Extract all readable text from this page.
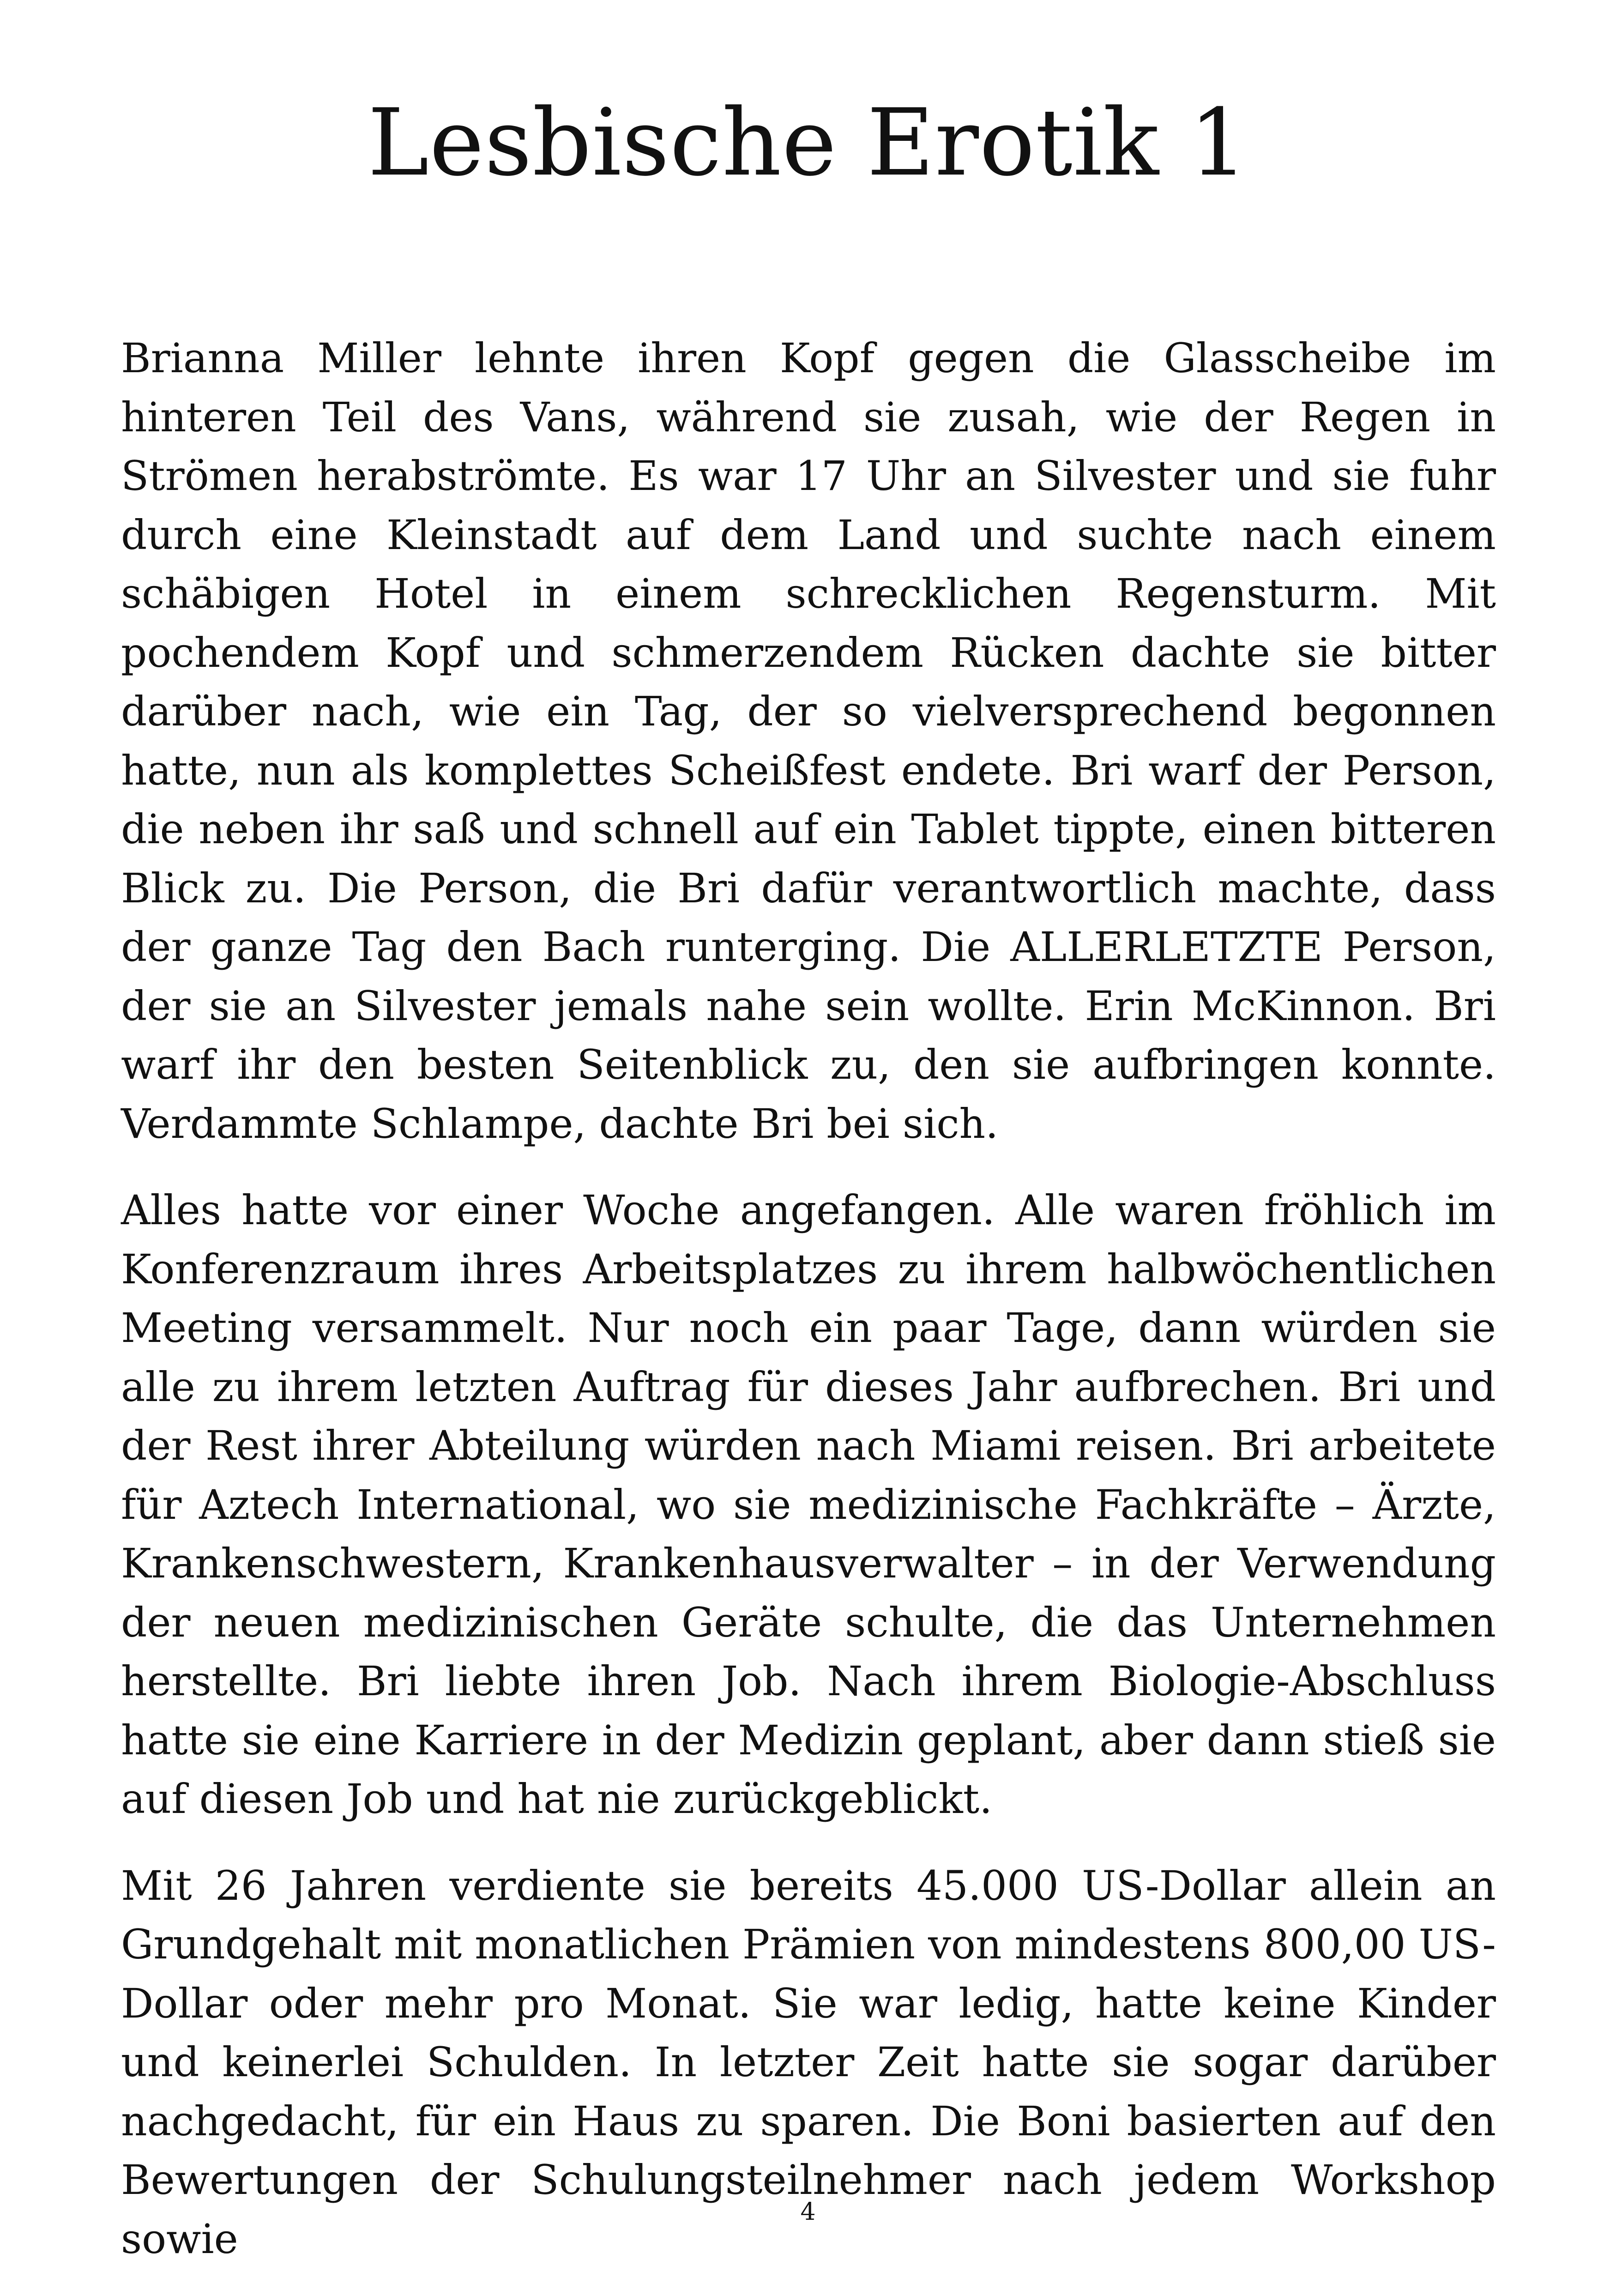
Lesbische Erotik 1

Brianna Miller lehnte ihren Kopf gegen die Glasscheibe im hinteren Teil des Vans, während sie zusah, wie der Regen in Strömen herabströmte. Es war 17 Uhr an Silvester und sie fuhr durch eine Kleinstadt auf dem Land und suchte nach einem schäbigen Hotel in einem schrecklichen Regensturm. Mit pochendem Kopf und schmerzendem Rücken dachte sie bitter darüber nach, wie ein Tag, der so vielversprechend begonnen hatte, nun als komplettes Scheißfest endete. Bri warf der Person, die neben ihr saß und schnell auf ein Tablet tippte, einen bitteren Blick zu. Die Person, die Bri dafür verantwortlich machte, dass der ganze Tag den Bach runterging. Die ALLERLETZTE Person, der sie an Silvester jemals nahe sein wollte. Erin McKinnon. Bri warf ihr den besten Seitenblick zu, den sie aufbringen konnte. Verdammte Schlampe, dachte Bri bei sich.

Alles hatte vor einer Woche angefangen. Alle waren fröhlich im Konferenzraum ihres Arbeitsplatzes zu ihrem halbwöchentlichen Meeting versammelt. Nur noch ein paar Tage, dann würden sie alle zu ihrem letzten Auftrag für dieses Jahr aufbrechen. Bri und der Rest ihrer Abteilung würden nach Miami reisen. Bri arbeitete für Aztech International, wo sie medizinische Fachkräfte – Ärzte, Krankenschwestern, Krankenhausverwalter – in der Verwendung der neuen medizinischen Geräte schulte, die das Unternehmen herstellte. Bri liebte ihren Job. Nach ihrem Biologie-Abschluss hatte sie eine Karriere in der Medizin geplant, aber dann stieß sie auf diesen Job und hat nie zurückgeblickt.

Mit 26 Jahren verdiente sie bereits 45.000 US-Dollar allein an Grundgehalt mit monatlichen Prämien von mindestens 800,00 US-Dollar oder mehr pro Monat. Sie war ledig, hatte keine Kinder und keinerlei Schulden. In letzter Zeit hatte sie sogar darüber nachgedacht, für ein Haus zu sparen. Die Boni basierten auf den Bewertungen der Schulungsteilnehmer nach jedem Workshop sowie

4
